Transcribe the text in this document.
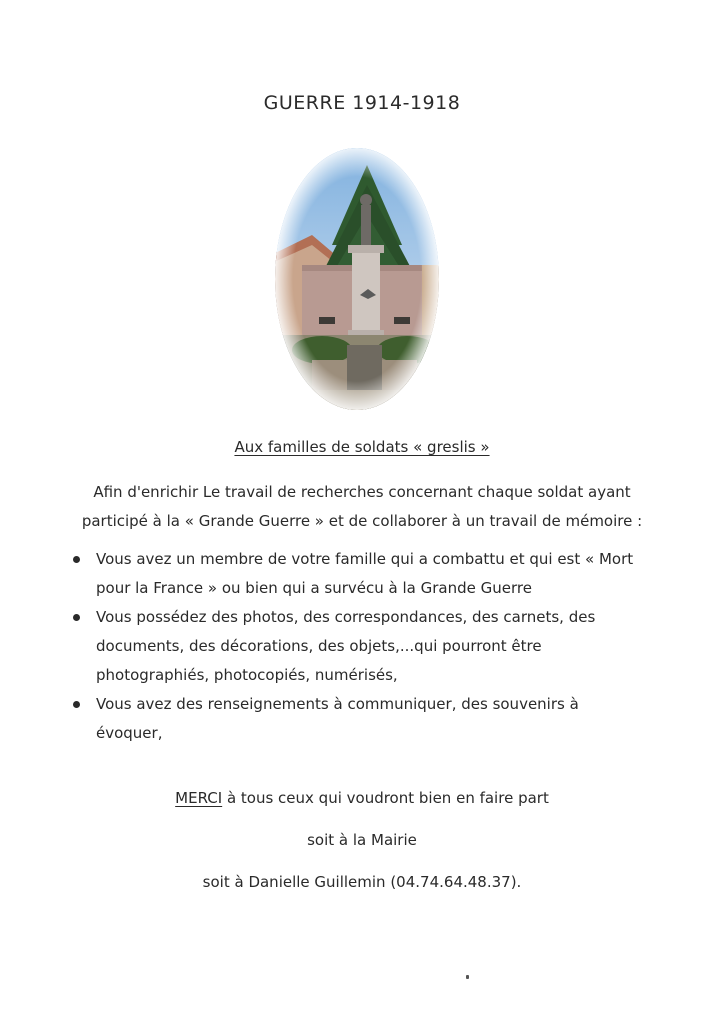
GUERRE 1914-1918
Aux familles de soldats « greslis »
Afin d'enrichir Le travail de recherches concernant chaque soldat ayant participé à la « Grande Guerre » et de collaborer à un travail de mémoire :
Vous avez un membre de votre famille qui a combattu et qui est « Mort pour la France » ou bien qui a survécu à la Grande Guerre
Vous possédez des photos, des correspondances, des carnets, des documents, des décorations, des objets,...qui pourront être photographiés, photocopiés, numérisés,
Vous avez des renseignements à communiquer, des souvenirs à évoquer,
MERCI à tous ceux qui voudront bien en faire part
soit à la Mairie
soit à Danielle Guillemin (04.74.64.48.37).
